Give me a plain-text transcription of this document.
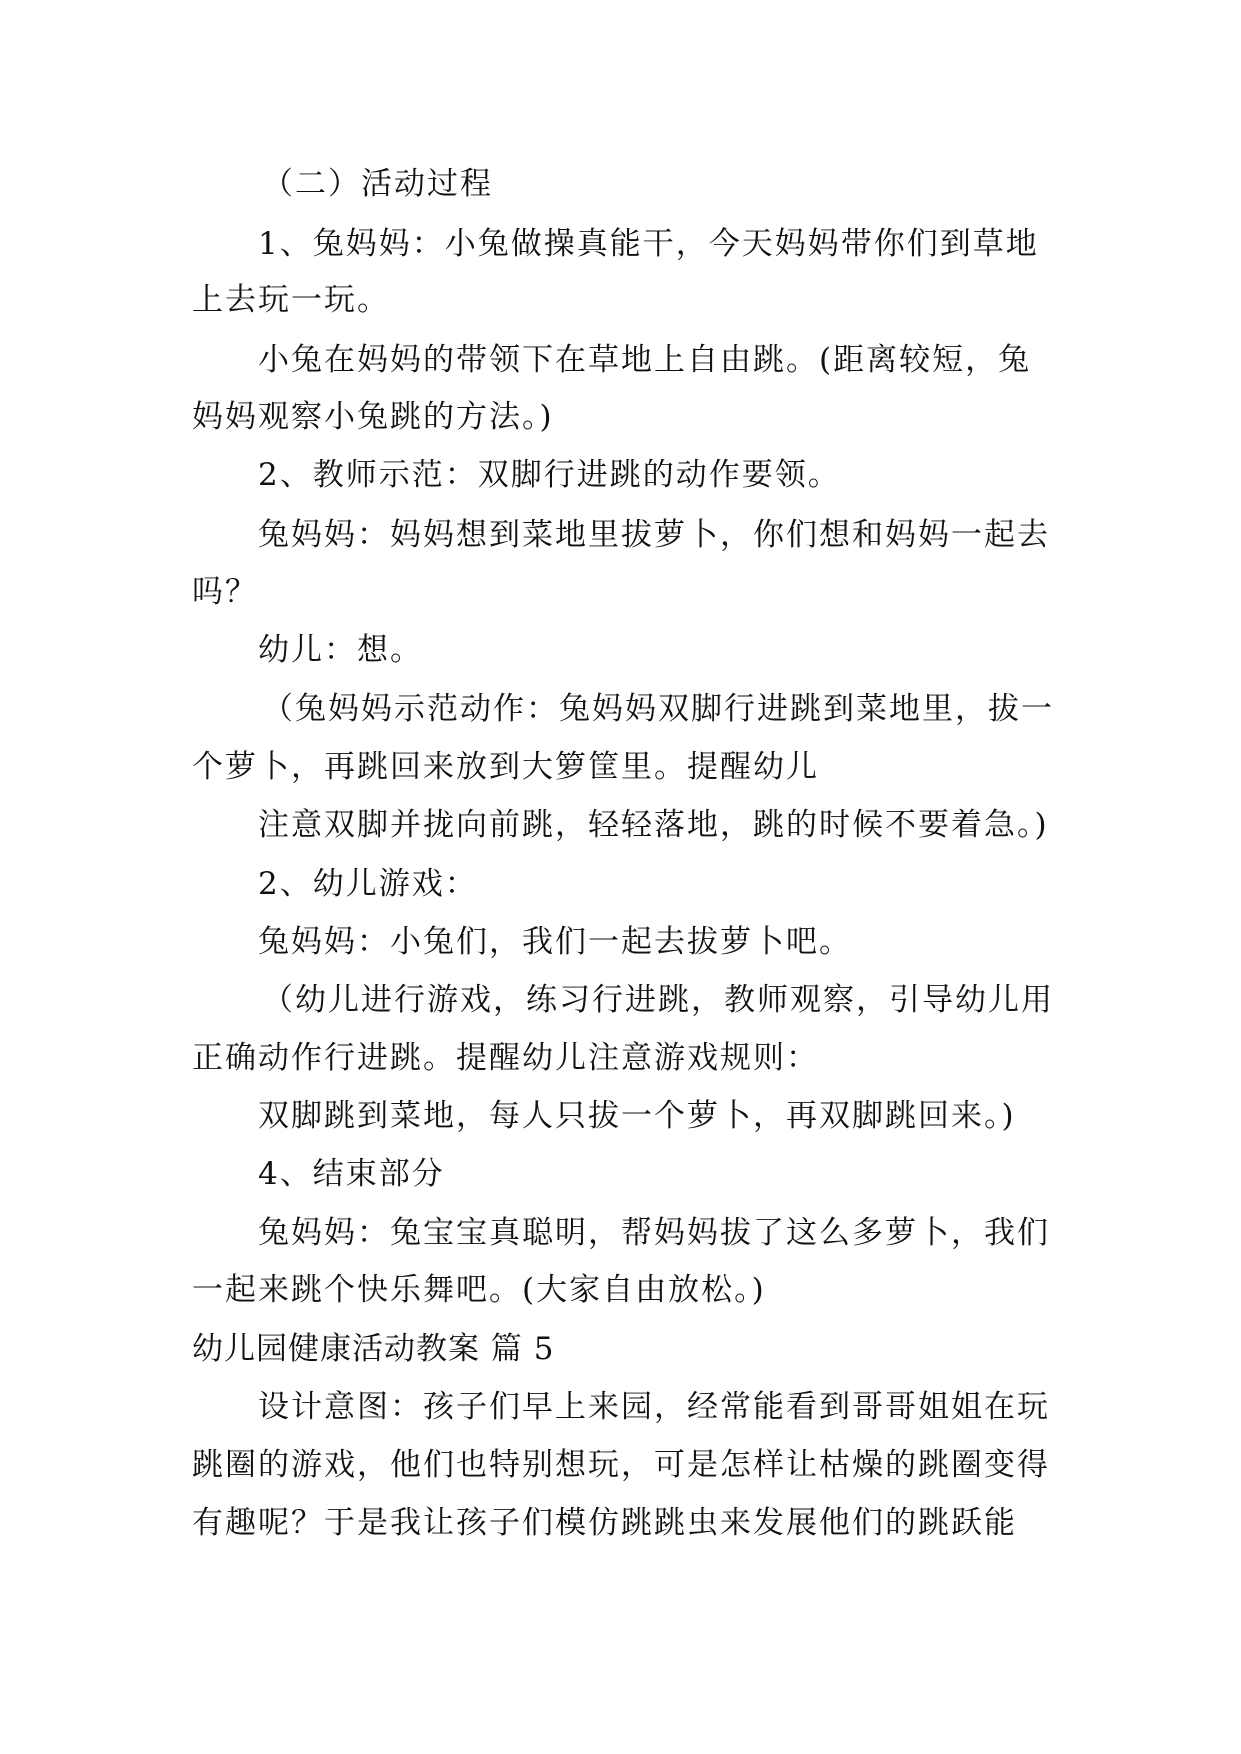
（二）活动过程
1、兔妈妈：小兔做操真能干，今天妈妈带你们到草地
上去玩一玩。
小兔在妈妈的带领下在草地上自由跳。(距离较短，兔
妈妈观察小兔跳的方法。)
2、教师示范：双脚行进跳的动作要领。
兔妈妈：妈妈想到菜地里拔萝卜，你们想和妈妈一起去
吗？
幼儿：想。
（兔妈妈示范动作：兔妈妈双脚行进跳到菜地里，拔一
个萝卜，再跳回来放到大箩筐里。提醒幼儿
注意双脚并拢向前跳，轻轻落地，跳的时候不要着急。)
2、幼儿游戏：
兔妈妈：小兔们，我们一起去拔萝卜吧。
（幼儿进行游戏，练习行进跳，教师观察，引导幼儿用
正确动作行进跳。提醒幼儿注意游戏规则：
双脚跳到菜地，每人只拔一个萝卜，再双脚跳回来。)
4、结束部分
兔妈妈：兔宝宝真聪明，帮妈妈拔了这么多萝卜，我们
一起来跳个快乐舞吧。(大家自由放松。)
幼儿园健康活动教案 篇 5
设计意图：孩子们早上来园，经常能看到哥哥姐姐在玩
跳圈的游戏，他们也特别想玩，可是怎样让枯燥的跳圈变得
有趣呢？于是我让孩子们模仿跳跳虫来发展他们的跳跃能
